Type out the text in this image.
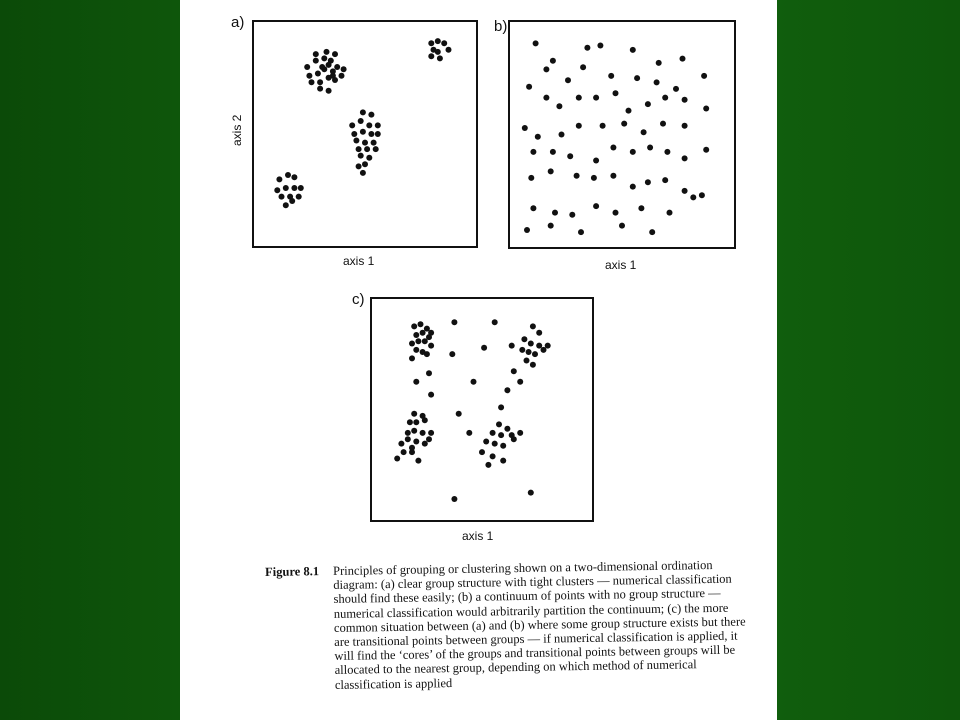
a)
axis 2
axis 1
b)
axis 1
c)
axis 1
Figure 8.1 Principles of grouping or clustering shown on a two-dimensional ordination diagram: (a) clear group structure with tight clusters — numerical classification should find these easily; (b) a continuum of points with no group structure — numerical classification would arbitrarily partition the continuum; (c) the more common situation between (a) and (b) where some group structure exists but there are transitional points between groups — if numerical classification is applied, it will find the ‘cores’ of the groups and transitional points between groups will be allocated to the nearest group, depending on which method of numerical classification is applied
